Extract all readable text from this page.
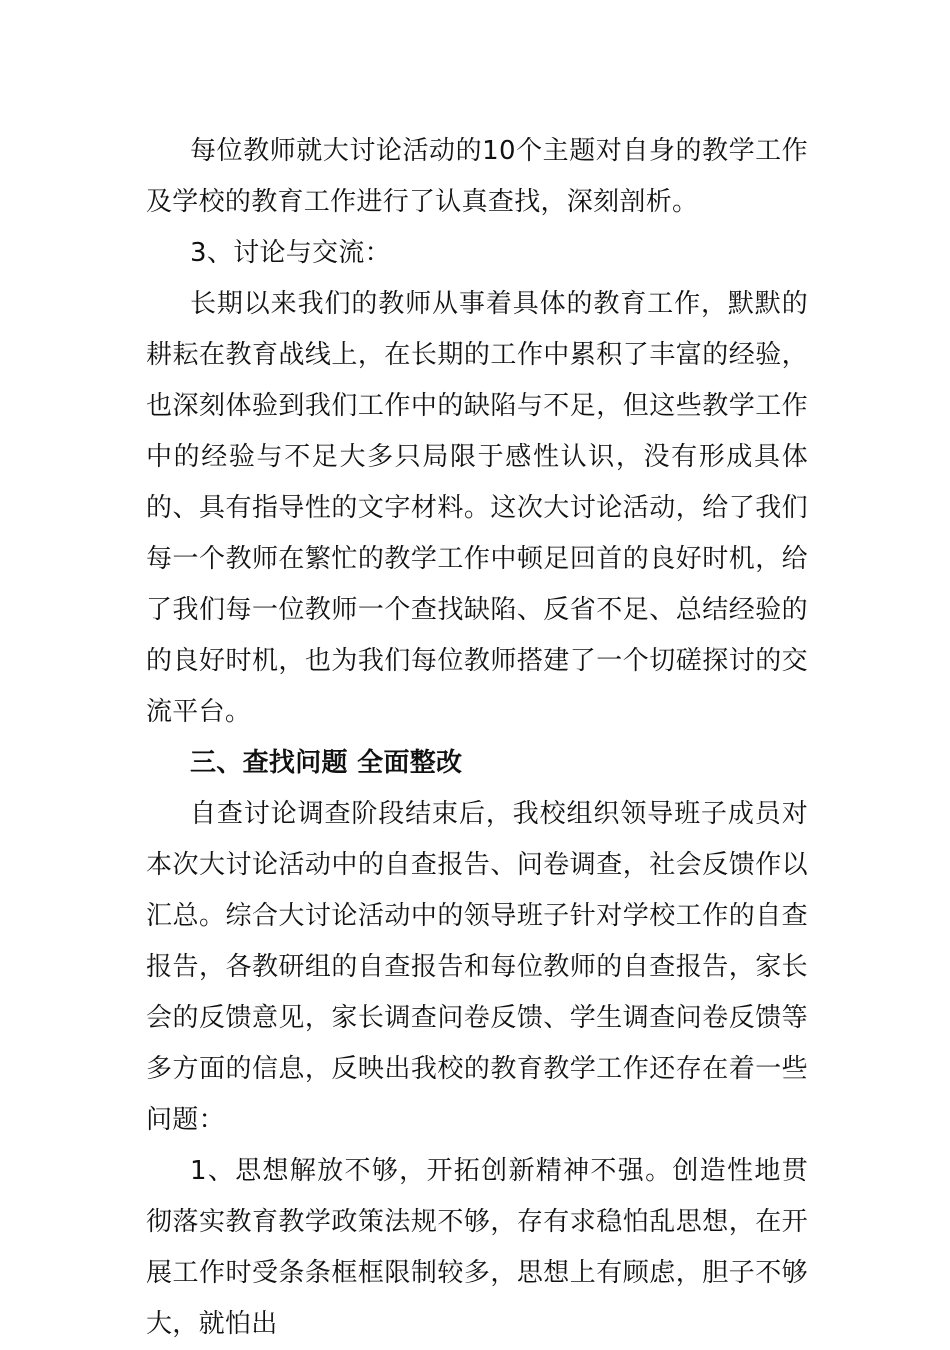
每位教师就大讨论活动的10个主题对自身的教学工作及学校的教育工作进行了认真查找，深刻剖析。

3、讨论与交流：

长期以来我们的教师从事着具体的教育工作，默默的耕耘在教育战线上，在长期的工作中累积了丰富的经验，也深刻体验到我们工作中的缺陷与不足，但这些教学工作中的经验与不足大多只局限于感性认识，没有形成具体的、具有指导性的文字材料。这次大讨论活动，给了我们每一个教师在繁忙的教学工作中顿足回首的良好时机，给了我们每一位教师一个查找缺陷、反省不足、总结经验的的良好时机，也为我们每位教师搭建了一个切磋探讨的交流平台。

三、查找问题 全面整改

自查讨论调查阶段结束后，我校组织领导班子成员对本次大讨论活动中的自查报告、问卷调查，社会反馈作以汇总。综合大讨论活动中的领导班子针对学校工作的自查报告，各教研组的自查报告和每位教师的自查报告，家长会的反馈意见，家长调查问卷反馈、学生调查问卷反馈等多方面的信息，反映出我校的教育教学工作还存在着一些问题：

1、思想解放不够，开拓创新精神不强。创造性地贯彻落实教育教学政策法规不够，存有求稳怕乱思想，在开展工作时受条条框框限制较多，思想上有顾虑，胆子不够大，就怕出
